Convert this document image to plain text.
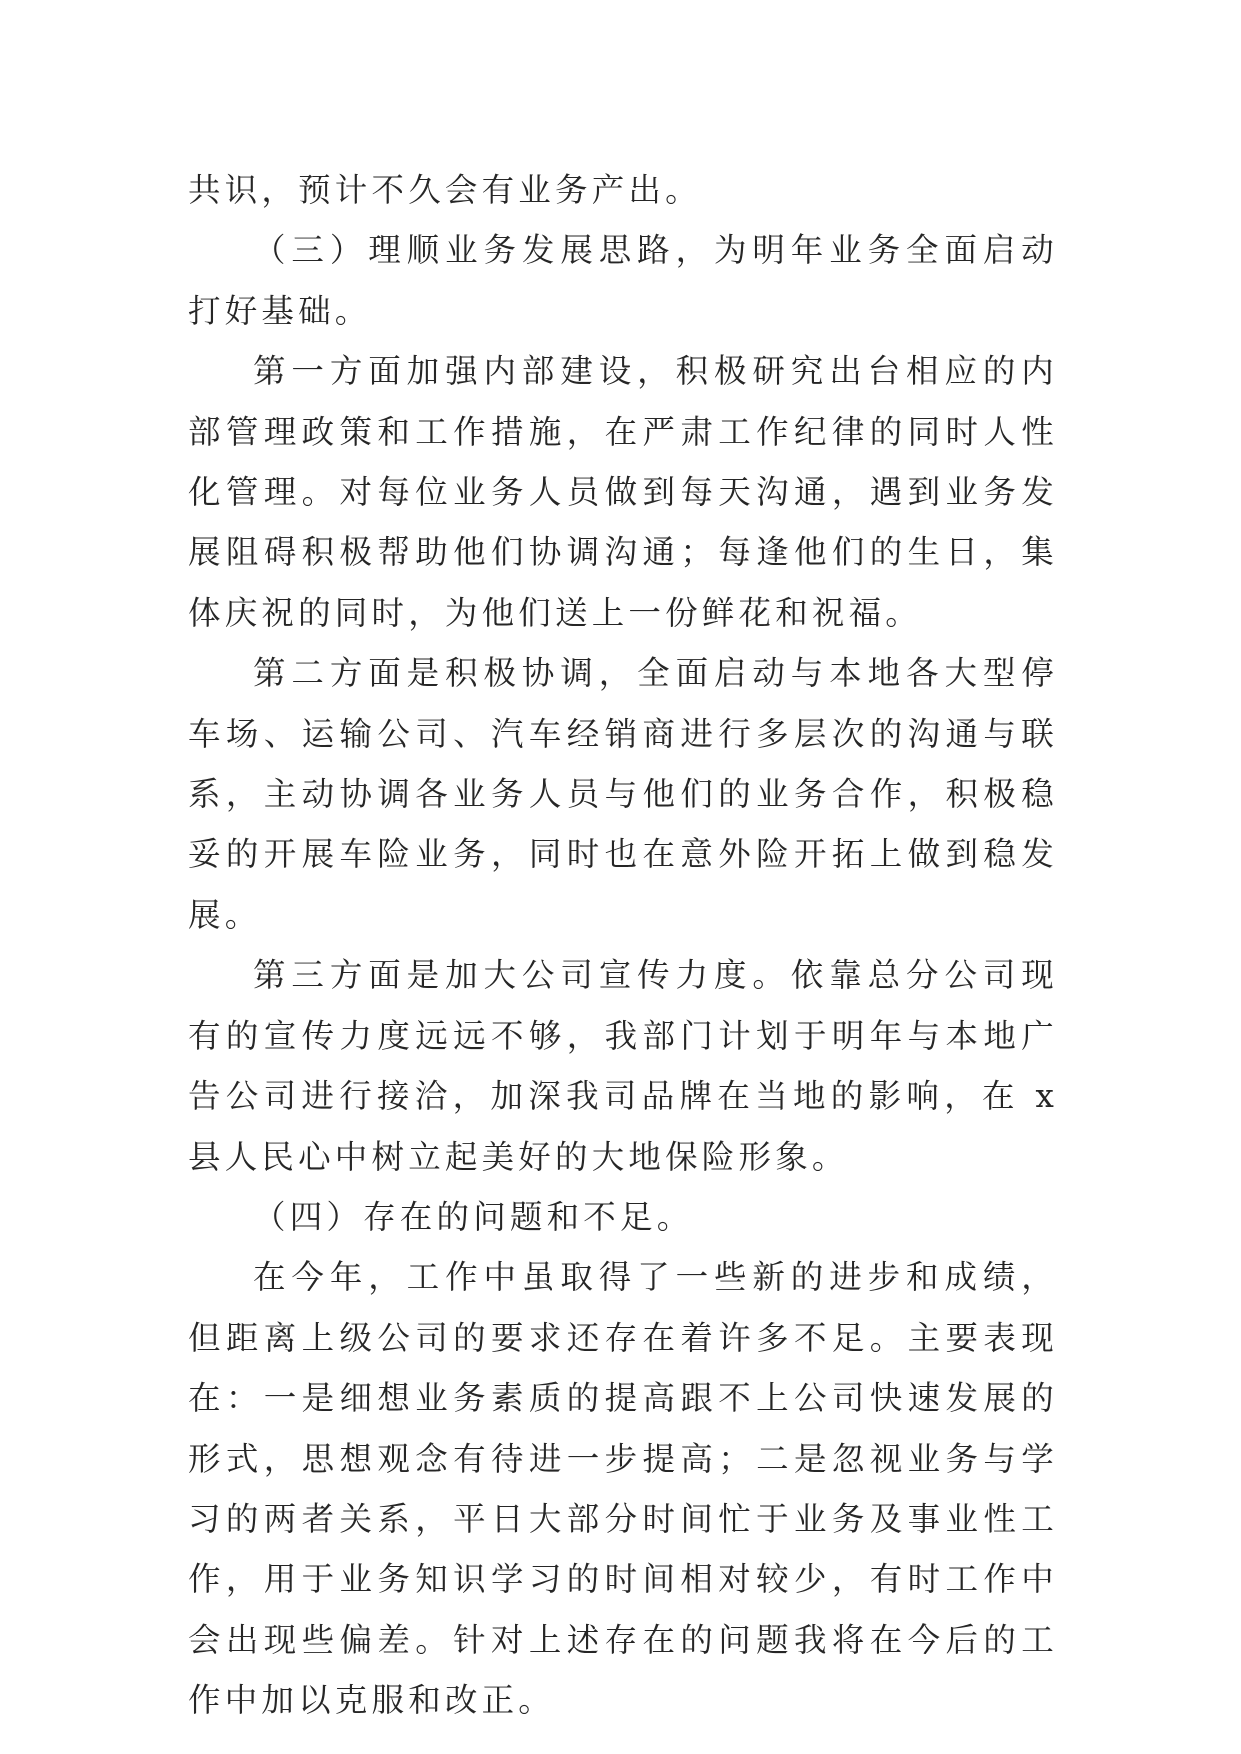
共识，预计不久会有业务产出。

（三）理顺业务发展思路，为明年业务全面启动打好基础。

第一方面加强内部建设，积极研究出台相应的内部管理政策和工作措施，在严肃工作纪律的同时人性化管理。对每位业务人员做到每天沟通，遇到业务发展阻碍积极帮助他们协调沟通；每逢他们的生日，集体庆祝的同时，为他们送上一份鲜花和祝福。

第二方面是积极协调，全面启动与本地各大型停车场、运输公司、汽车经销商进行多层次的沟通与联系，主动协调各业务人员与他们的业务合作，积极稳妥的开展车险业务，同时也在意外险开拓上做到稳发展。

第三方面是加大公司宣传力度。依靠总分公司现有的宣传力度远远不够，我部门计划于明年与本地广告公司进行接洽，加深我司品牌在当地的影响，在 x 县人民心中树立起美好的大地保险形象。

（四）存在的问题和不足。

在今年，工作中虽取得了一些新的进步和成绩，但距离上级公司的要求还存在着许多不足。主要表现在：一是细想业务素质的提高跟不上公司快速发展的形式，思想观念有待进一步提高；二是忽视业务与学习的两者关系，平日大部分时间忙于业务及事业性工作，用于业务知识学习的时间相对较少，有时工作中会出现些偏差。针对上述存在的问题我将在今后的工作中加以克服和改正。
